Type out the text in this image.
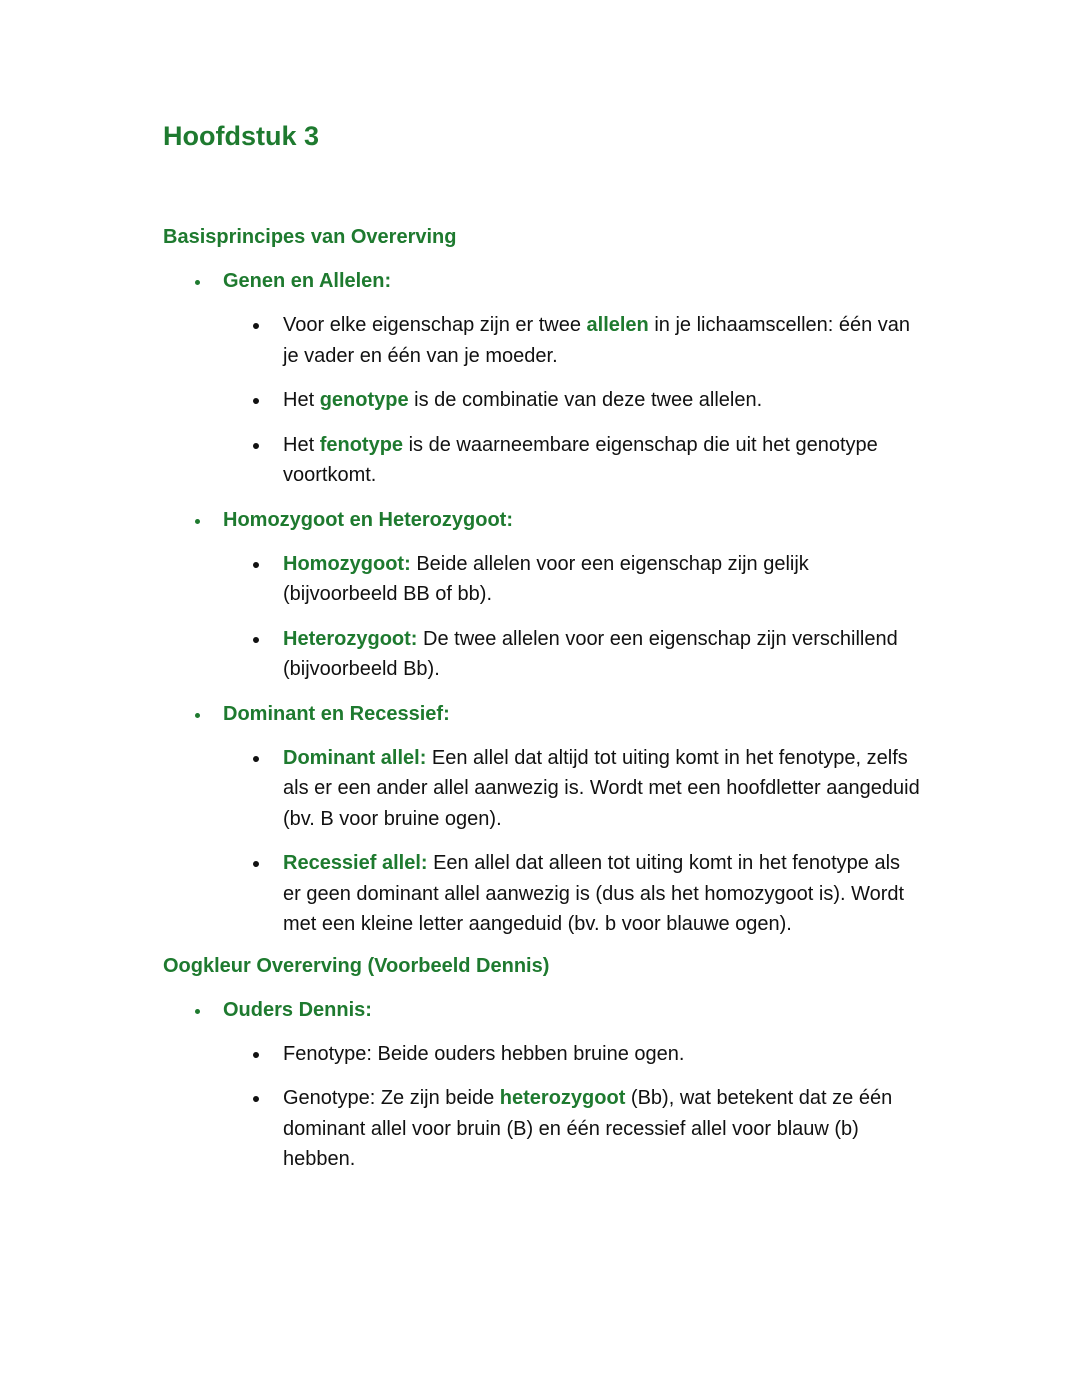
Hoofdstuk 3
Basisprincipes van Overerving
Genen en Allelen:
Voor elke eigenschap zijn er twee allelen in je lichaamscellen: één van je vader en één van je moeder.
Het genotype is de combinatie van deze twee allelen.
Het fenotype is de waarneembare eigenschap die uit het genotype voortkomt.
Homozygoot en Heterozygoot:
Homozygoot: Beide allelen voor een eigenschap zijn gelijk (bijvoorbeeld BB of bb).
Heterozygoot: De twee allelen voor een eigenschap zijn verschillend (bijvoorbeeld Bb).
Dominant en Recessief:
Dominant allel: Een allel dat altijd tot uiting komt in het fenotype, zelfs als er een ander allel aanwezig is. Wordt met een hoofdletter aangeduid (bv. B voor bruine ogen).
Recessief allel: Een allel dat alleen tot uiting komt in het fenotype als er geen dominant allel aanwezig is (dus als het homozygoot is). Wordt met een kleine letter aangeduid (bv. b voor blauwe ogen).
Oogkleur Overerving (Voorbeeld Dennis)
Ouders Dennis:
Fenotype: Beide ouders hebben bruine ogen.
Genotype: Ze zijn beide heterozygoot (Bb), wat betekent dat ze één dominant allel voor bruin (B) en één recessief allel voor blauw (b) hebben.
